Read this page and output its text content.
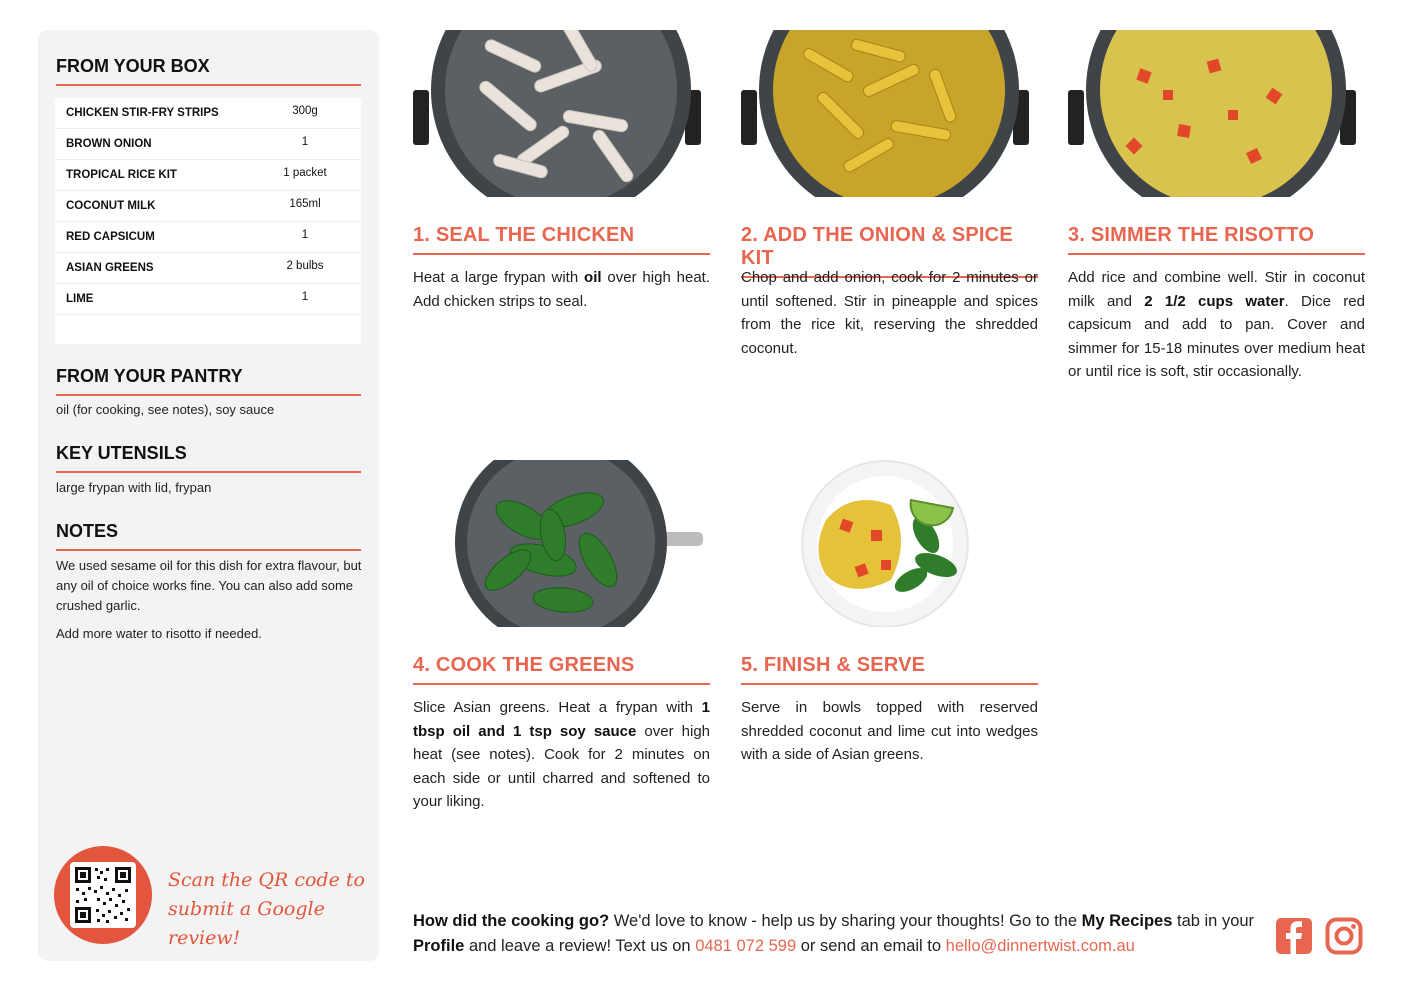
FROM YOUR BOX
CHICKEN STIR-FRY STRIPS	300g
BROWN ONION	1
TROPICAL RICE KIT	1 packet
COCONUT MILK	165ml
RED CAPSICUM	1
ASIAN GREENS	2 bulbs
LIME	1
FROM YOUR PANTRY
oil (for cooking, see notes), soy sauce
KEY UTENSILS
large frypan with lid, frypan
NOTES
We used sesame oil for this dish for extra flavour, but any oil of choice works fine. You can also add some crushed garlic.
Add more water to risotto if needed.
Scan the QR code to
submit a Google review!
1. SEAL THE CHICKEN
Heat a large frypan with oil over high heat. Add chicken strips to seal.
2. ADD THE ONION & SPICE KIT
Chop and add onion, cook for 2 minutes or until softened. Stir in pineapple and spices from the rice kit, reserving the shredded coconut.
3. SIMMER THE RISOTTO
Add rice and combine well. Stir in coconut milk and 2 1/2 cups water. Dice red capsicum and add to pan. Cover and simmer for 15-18 minutes over medium heat or until rice is soft, stir occasionally.
4. COOK THE GREENS
Slice Asian greens. Heat a frypan with 1 tbsp oil and 1 tsp soy sauce over high heat (see notes). Cook for 2 minutes on each side or until charred and softened to your liking.
5. FINISH & SERVE
Serve in bowls topped with reserved shredded coconut and lime cut into wedges with a side of Asian greens.
How did the cooking go? We'd love to know - help us by sharing your thoughts! Go to the My Recipes tab in your Profile and leave a review! Text us on 0481 072 599 or send an email to hello@dinnertwist.com.au
